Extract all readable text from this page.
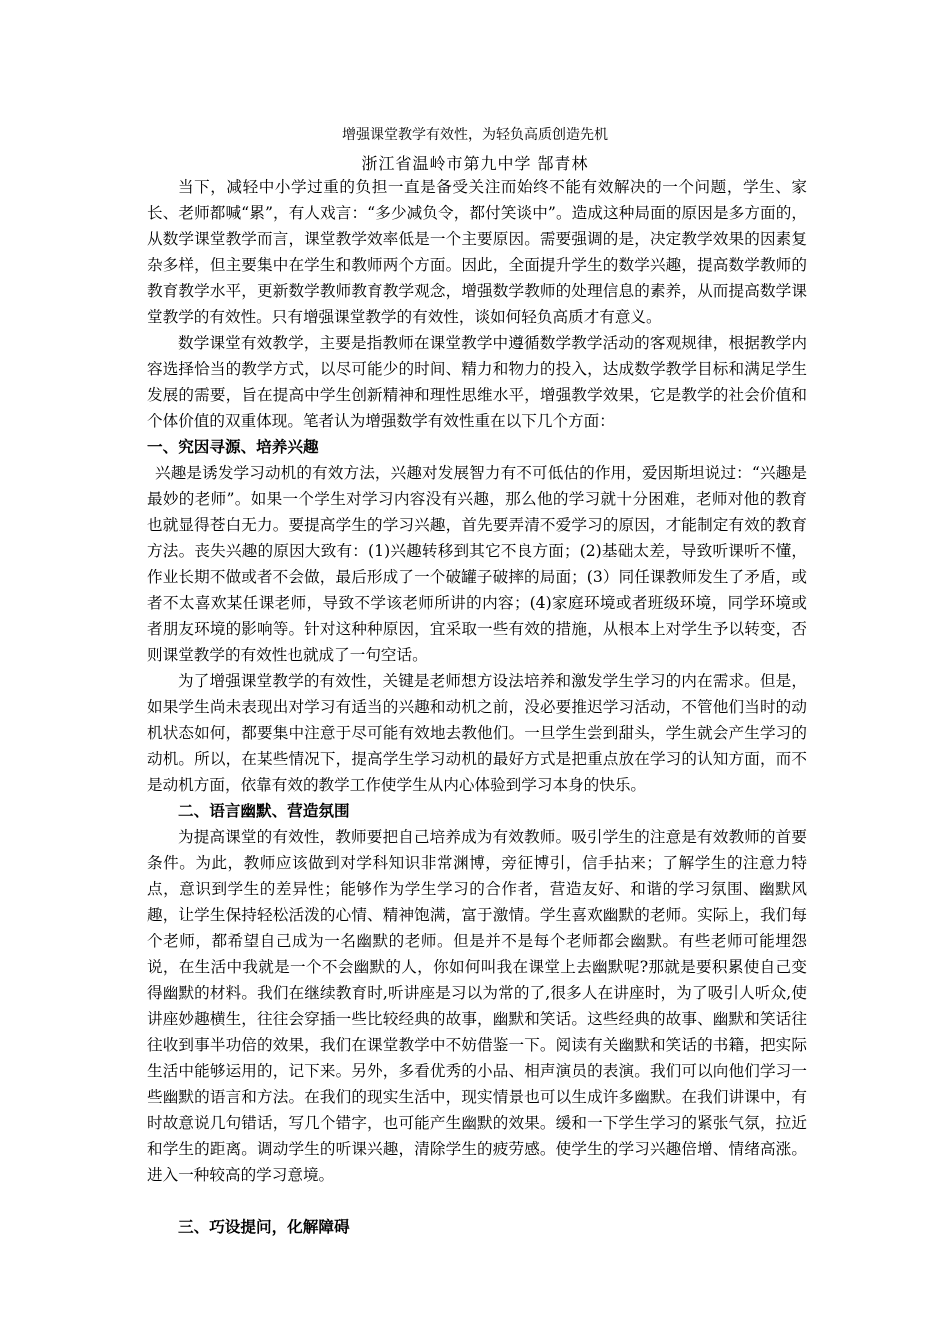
增强课堂教学有效性，为轻负高质创造先机
浙江省温岭市第九中学 郜青林

当下，减轻中小学过重的负担一直是备受关注而始终不能有效解决的一个问题，学生、家长、老师都喊“累”，有人戏言：“多少减负令，都付笑谈中”。造成这种局面的原因是多方面的，从数学课堂教学而言，课堂教学效率低是一个主要原因。需要强调的是，决定教学效果的因素复杂多样，但主要集中在学生和教师两个方面。因此，全面提升学生的数学兴趣，提高数学教师的教育教学水平，更新数学教师教育教学观念，增强数学教师的处理信息的素养，从而提高数学课堂教学的有效性。只有增强课堂教学的有效性，谈如何轻负高质才有意义。

数学课堂有效教学，主要是指教师在课堂教学中遵循数学教学活动的客观规律，根据教学内容选择恰当的教学方式，以尽可能少的时间、精力和物力的投入，达成数学教学目标和满足学生发展的需要，旨在提高中学生创新精神和理性思维水平，增强教学效果，它是教学的社会价值和个体价值的双重体现。笔者认为增强数学有效性重在以下几个方面：

一、究因寻源、培养兴趣

兴趣是诱发学习动机的有效方法，兴趣对发展智力有不可低估的作用，爱因斯坦说过：“兴趣是最妙的老师”。如果一个学生对学习内容没有兴趣，那么他的学习就十分困难，老师对他的教育也就显得苍白无力。要提高学生的学习兴趣，首先要弄清不爱学习的原因，才能制定有效的教育方法。丧失兴趣的原因大致有：(1)兴趣转移到其它不良方面；(2)基础太差，导致听课听不懂，作业长期不做或者不会做，最后形成了一个破罐子破摔的局面；(3）同任课教师发生了矛盾，或者不太喜欢某任课老师，导致不学该老师所讲的内容；(4)家庭环境或者班级环境，同学环境或者朋友环境的影响等。针对这种种原因，宜采取一些有效的措施，从根本上对学生予以转变，否则课堂教学的有效性也就成了一句空话。

为了增强课堂教学的有效性，关键是老师想方设法培养和激发学生学习的内在需求。但是，如果学生尚未表现出对学习有适当的兴趣和动机之前，没必要推迟学习活动，不管他们当时的动机状态如何，都要集中注意于尽可能有效地去教他们。一旦学生尝到甜头，学生就会产生学习的动机。所以，在某些情况下，提高学生学习动机的最好方式是把重点放在学习的认知方面，而不是动机方面，依靠有效的教学工作使学生从内心体验到学习本身的快乐。

二、语言幽默、营造氛围

为提高课堂的有效性，教师要把自己培养成为有效教师。吸引学生的注意是有效教师的首要条件。为此，教师应该做到对学科知识非常渊博，旁征博引，信手拈来；了解学生的注意力特点，意识到学生的差异性；能够作为学生学习的合作者，营造友好、和谐的学习氛围、幽默风趣，让学生保持轻松活泼的心情、精神饱满，富于激情。学生喜欢幽默的老师。实际上，我们每个老师，都希望自己成为一名幽默的老师。但是并不是每个老师都会幽默。有些老师可能埋怨说，在生活中我就是一个不会幽默的人，你如何叫我在课堂上去幽默呢?那就是要积累使自己变得幽默的材料。我们在继续教育时,听讲座是习以为常的了,很多人在讲座时，为了吸引人听众,使讲座妙趣横生，往往会穿插一些比较经典的故事，幽默和笑话。这些经典的故事、幽默和笑话往往收到事半功倍的效果，我们在课堂教学中不妨借鉴一下。阅读有关幽默和笑话的书籍，把实际生活中能够运用的，记下来。另外，多看优秀的小品、相声演员的表演。我们可以向他们学习一些幽默的语言和方法。在我们的现实生活中，现实情景也可以生成许多幽默。在我们讲课中，有时故意说几句错话，写几个错字，也可能产生幽默的效果。缓和一下学生学习的紧张气氛，拉近和学生的距离。调动学生的听课兴趣，清除学生的疲劳感。使学生的学习兴趣倍增、情绪高涨。进入一种较高的学习意境。

三、巧设提问，化解障碍
